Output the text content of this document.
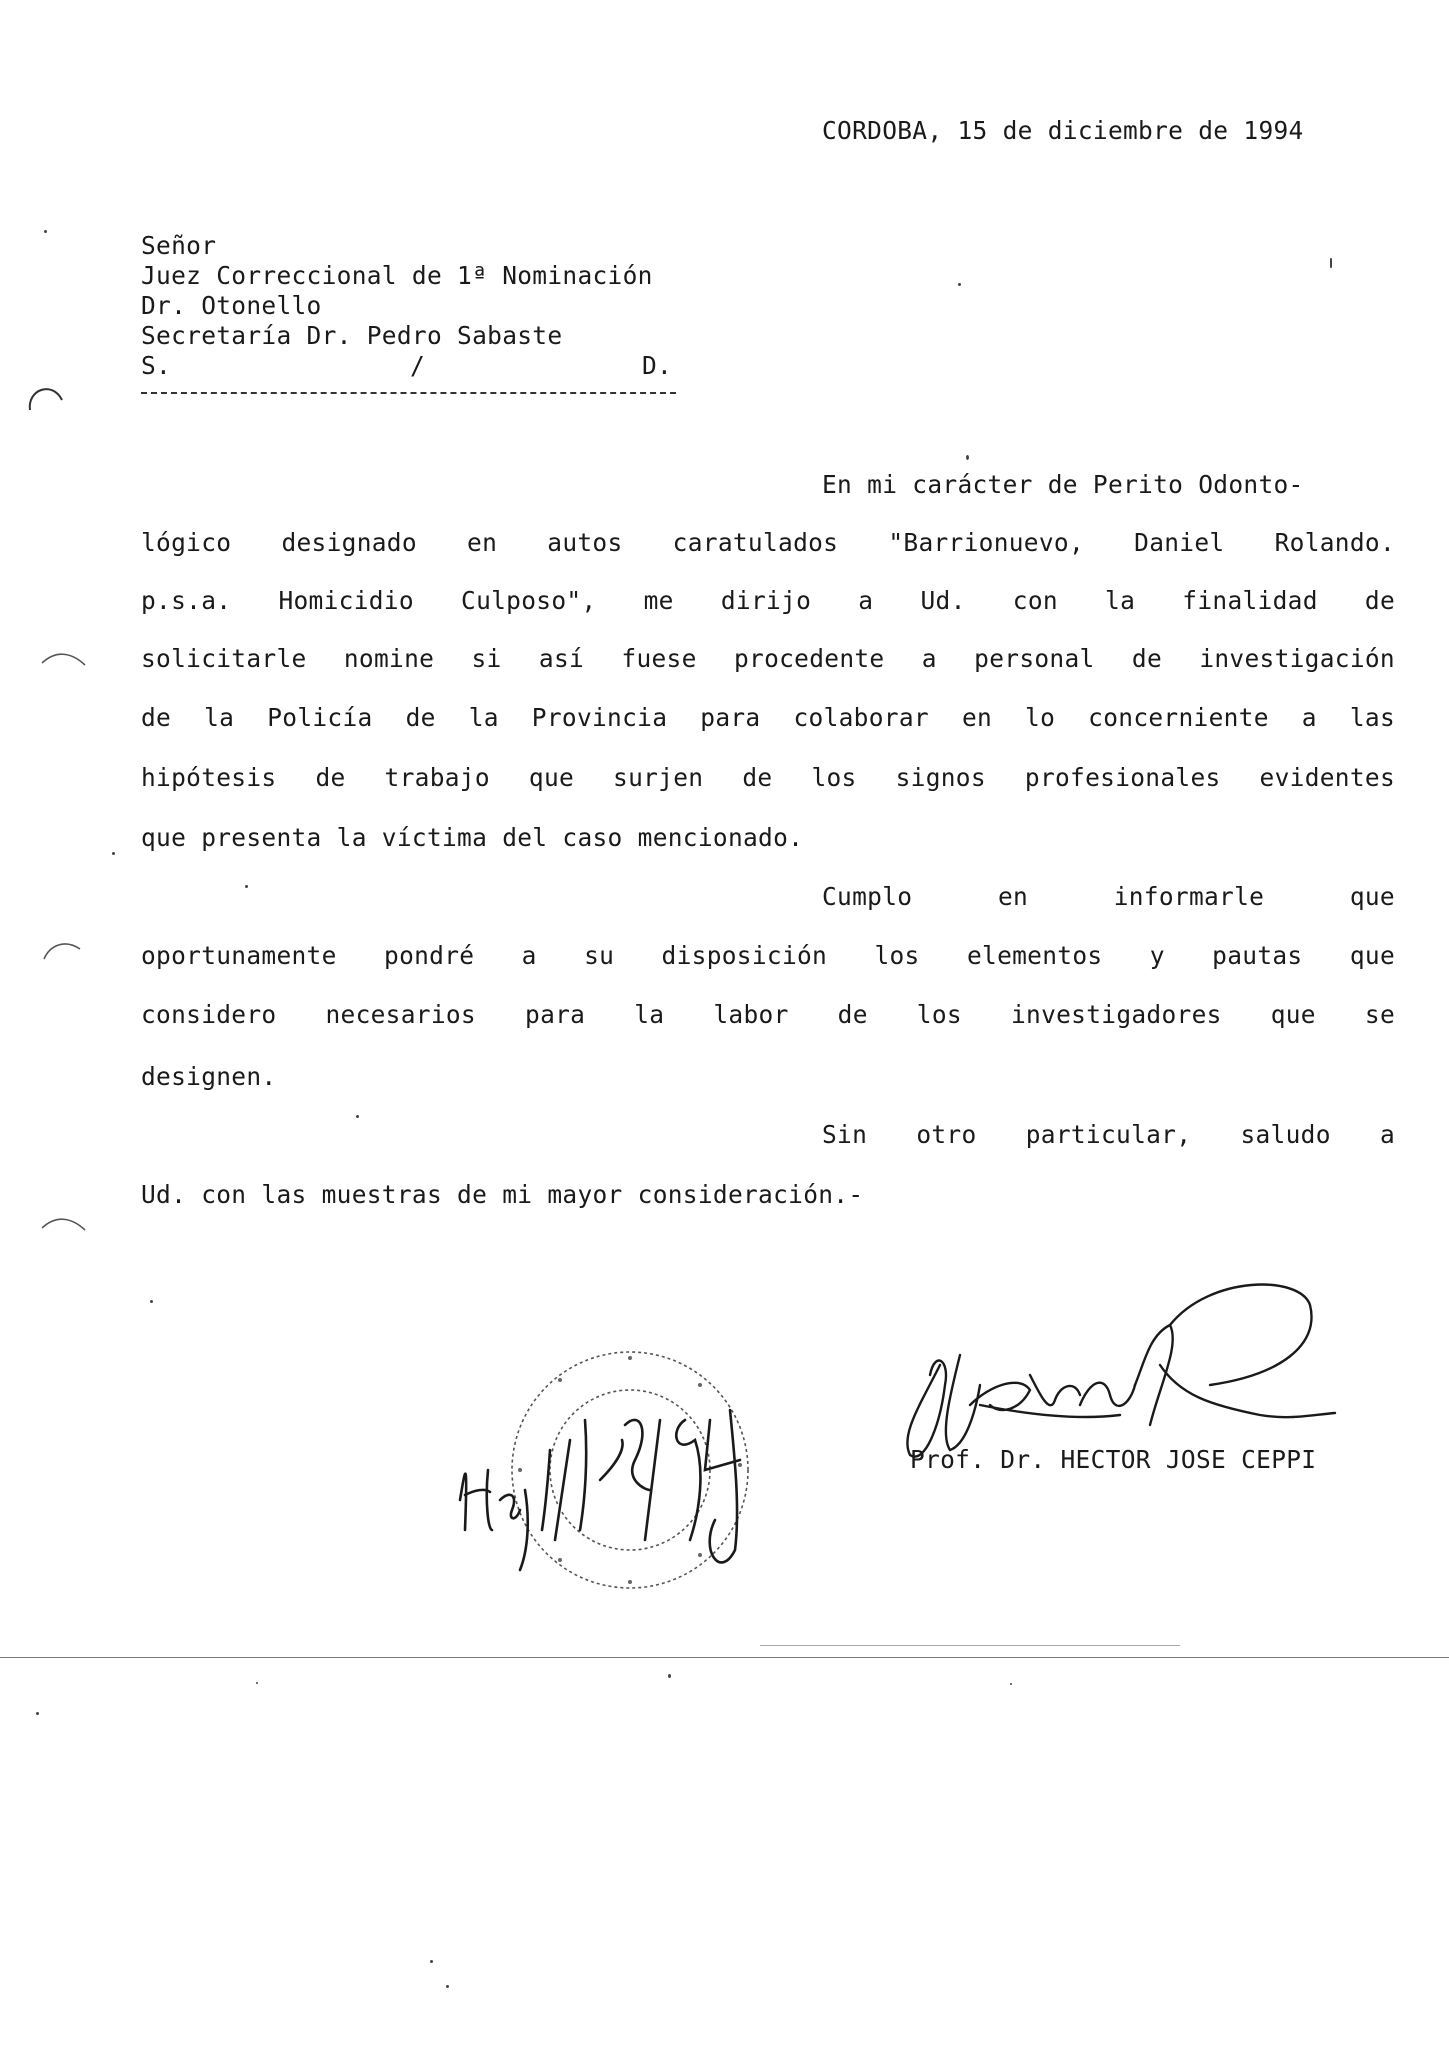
CORDOBA, 15 de diciembre de 1994
Señor
Juez Correccional de 1ª Nominación
Dr. Otonello
Secretaría Dr. Pedro Sabaste
S.	/	D.
En mi carácter de Perito Odonto-
lógico designado en autos caratulados "Barrionuevo, Daniel Rolando.
p.s.a. Homicidio Culposo", me dirijo a Ud. con la finalidad de
solicitarle nomine si así fuese procedente a personal de investigación
de la Policía de la Provincia para colaborar en lo concerniente a las
hipótesis de trabajo que surjen de los signos profesionales evidentes
que presenta la víctima del caso mencionado.
Cumplo en informarle que
oportunamente pondré a su disposición los elementos y pautas que
considero necesarios para la labor de los investigadores que se
designen.
Sin otro particular, saludo a
Ud. con las muestras de mi mayor consideración.-
Prof. Dr. HECTOR JOSE CEPPI
